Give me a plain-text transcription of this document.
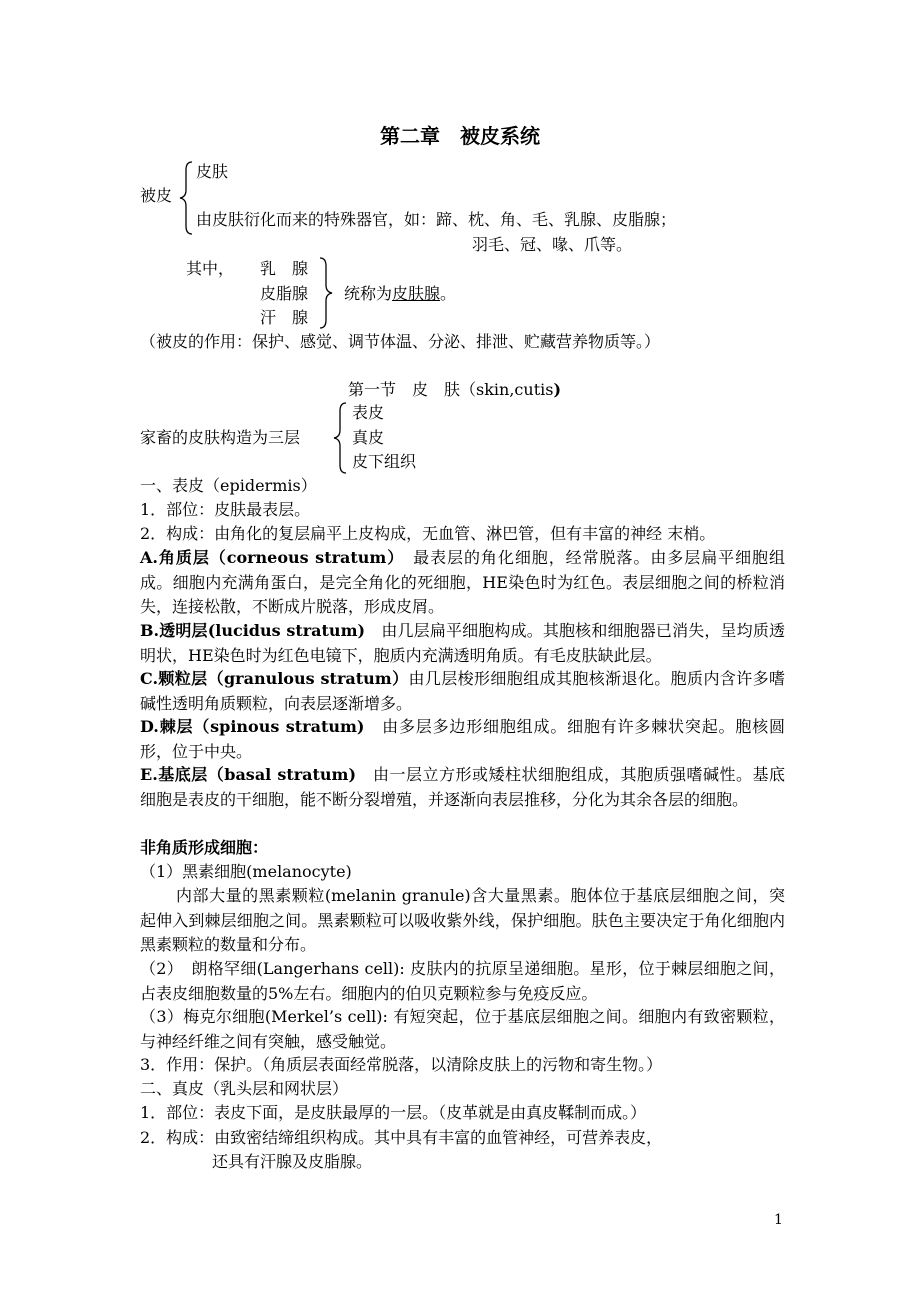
第二章　被皮系统
被皮
皮肤
由皮肤衍化而来的特殊器官，如：蹄、枕、角、毛、乳腺、皮脂腺；
羽毛、冠、喙、爪等。
其中， 乳　腺
皮脂腺
汗　腺
统称为皮肤腺。
（被皮的作用：保护、感觉、调节体温、分泌、排泄、贮藏营养物质等。）
第一节　皮　肤（skin,cutis)
家畜的皮肤构造为三层
表皮
真皮
皮下组织
一、表皮（epidermis）
1．部位：皮肤最表层。
2．构成：由角化的复层扁平上皮构成，无血管、淋巴管，但有丰富的神经 末梢。
A.角质层（corneous stratum）　最表层的角化细胞，经常脱落。由多层扁平细胞组成。细胞内充满角蛋白，是完全角化的死细胞，HE染色时为红色。表层细胞之间的桥粒消失，连接松散，不断成片脱落，形成皮屑。
B.透明层(lucidus stratum)　由几层扁平细胞构成。其胞核和细胞器已消失，呈均质透明状，HE染色时为红色电镜下，胞质内充满透明角质。有毛皮肤缺此层。
C.颗粒层（granulous stratum）由几层梭形细胞组成其胞核渐退化。胞质内含许多嗜碱性透明角质颗粒，向表层逐渐增多。
D.棘层（spinous stratum)　由多层多边形细胞组成。细胞有许多棘状突起。胞核圆形，位于中央。
E.基底层（basal stratum)　由一层立方形或矮柱状细胞组成，其胞质强嗜碱性。基底细胞是表皮的干细胞，能不断分裂增殖，并逐渐向表层推移，分化为其余各层的细胞。
非角质形成细胞：
（1）黑素细胞(melanocyte)
内部大量的黑素颗粒(melanin granule)含大量黑素。胞体位于基底层细胞之间，突起伸入到棘层细胞之间。黑素颗粒可以吸收紫外线，保护细胞。肤色主要决定于角化细胞内黑素颗粒的数量和分布。
（2）　朗格罕细(Langerhans cell): 皮肤内的抗原呈递细胞。星形，位于棘层细胞之间，占表皮细胞数量的5%左右。细胞内的伯贝克颗粒参与免疫反应。
（3）梅克尔细胞(Merkel’s cell): 有短突起，位于基底层细胞之间。细胞内有致密颗粒，与神经纤维之间有突触，感受触觉。
3．作用：保护。（角质层表面经常脱落，以清除皮肤上的污物和寄生物。）
二、真皮（乳头层和网状层）
1．部位：表皮下面，是皮肤最厚的一层。（皮革就是由真皮鞣制而成。）
2．构成：由致密结缔组织构成。其中具有丰富的血管神经，可营养表皮，
还具有汗腺及皮脂腺。
1
